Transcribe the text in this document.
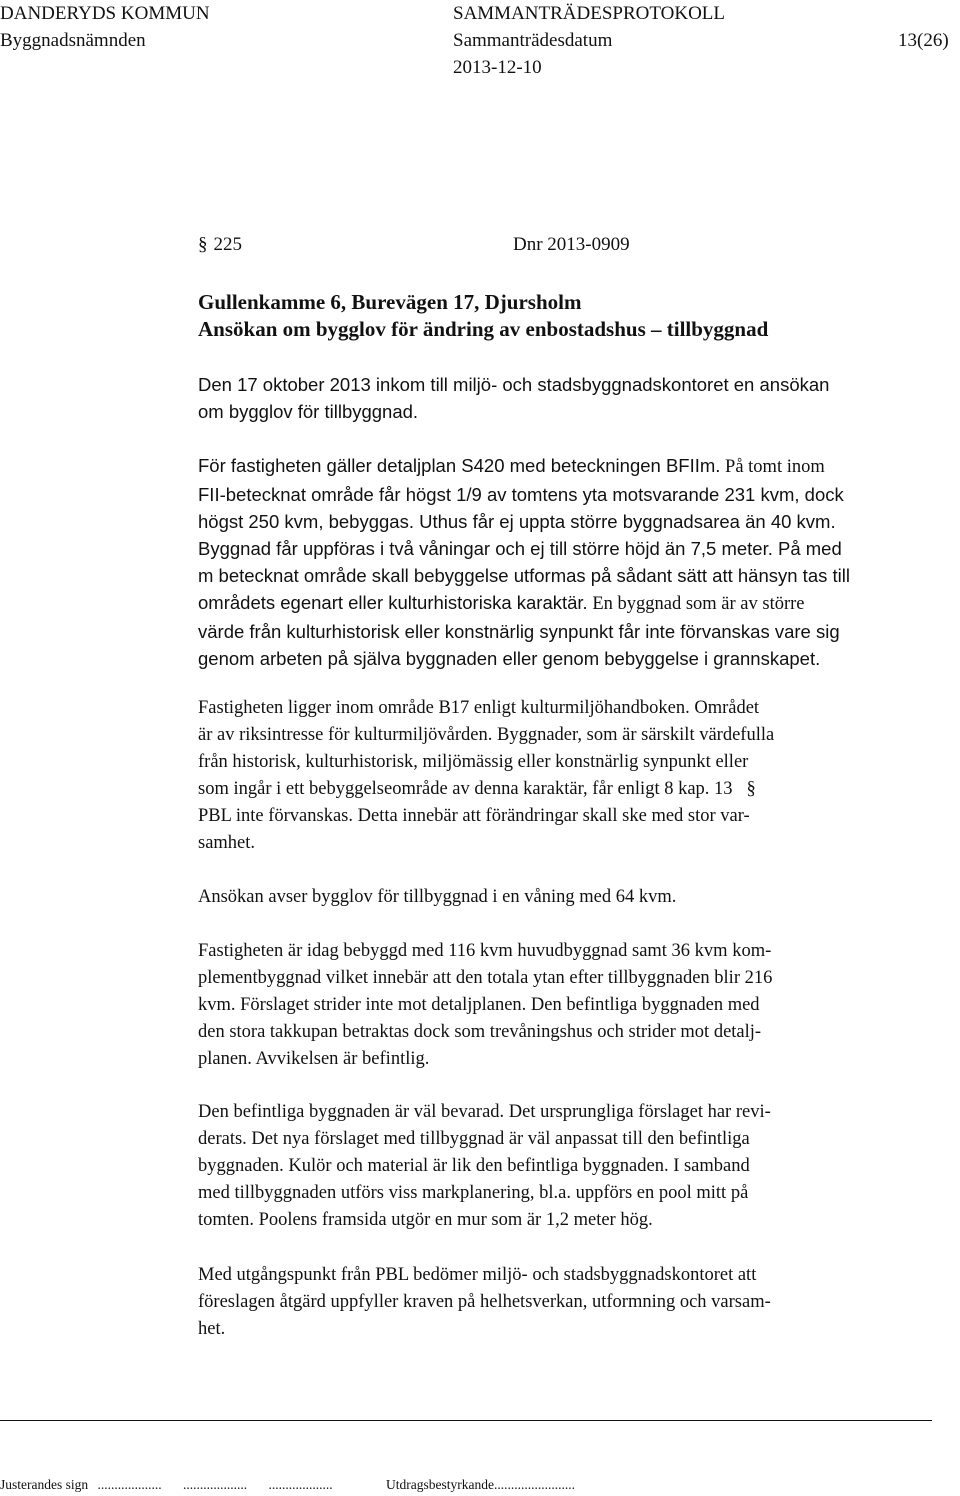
DANDERYDS KOMMUN	SAMMANTRÄDESPROTOKOLL
Byggnadsnämnden	Sammanträdesdatum	13(26)
2013-12-10
§ 225	Dnr 2013-0909
Gullenkamme 6, Burevägen 17, Djursholm
Ansökan om bygglov för ändring av enbostadshus – tillbyggnad
Den 17 oktober 2013 inkom till miljö- och stadsbyggnadskontoret en ansökan
om bygglov för tillbyggnad.
För fastigheten gäller detaljplan S420 med beteckningen BFIIm. På tomt inom
FII-betecknat område får högst 1/9 av tomtens yta motsvarande 231 kvm, dock
högst 250 kvm, bebyggas. Uthus får ej uppta större byggnadsarea än 40 kvm.
Byggnad får uppföras i två våningar och ej till större höjd än 7,5 meter. På med
m betecknat område skall bebyggelse utformas på sådant sätt att hänsyn tas till
områdets egenart eller kulturhistoriska karaktär. En byggnad som är av större
värde från kulturhistorisk eller konstnärlig synpunkt får inte förvanskas vare sig
genom arbeten på själva byggnaden eller genom bebyggelse i grannskapet.
Fastigheten ligger inom område B17 enligt kulturmiljöhandboken. Området
är av riksintresse för kulturmiljövården. Byggnader, som är särskilt värdefulla
från historisk, kulturhistorisk, miljömässig eller konstnärlig synpunkt eller
som ingår i ett bebyggelseområde av denna karaktär, får enligt 8 kap. 13 §
PBL inte förvanskas. Detta innebär att förändringar skall ske med stor var-
samhet.
Ansökan avser bygglov för tillbyggnad i en våning med 64 kvm.
Fastigheten är idag bebyggd med 116 kvm huvudbyggnad samt 36 kvm kom-
plementbyggnad vilket innebär att den totala ytan efter tillbyggnaden blir 216
kvm. Förslaget strider inte mot detaljplanen. Den befintliga byggnaden med
den stora takkupan betraktas dock som trevåningshus och strider mot detalj-
planen. Avvikelsen är befintlig.
Den befintliga byggnaden är väl bevarad. Det ursprungliga förslaget har revi-
derats. Det nya förslaget med tillbyggnad är väl anpassat till den befintliga
byggnaden. Kulör och material är lik den befintliga byggnaden. I samband
med tillbyggnaden utförs viss markplanering, bl.a. uppförs en pool mitt på
tomten. Poolens framsida utgör en mur som är 1,2 meter hög.
Med utgångspunkt från PBL bedömer miljö- och stadsbyggnadskontoret att
föreslagen åtgärd uppfyller kraven på helhetsverkan, utformning och varsam-
het.
Justerandes sign ................... ................... ...................	Utdragsbestyrkande........................
